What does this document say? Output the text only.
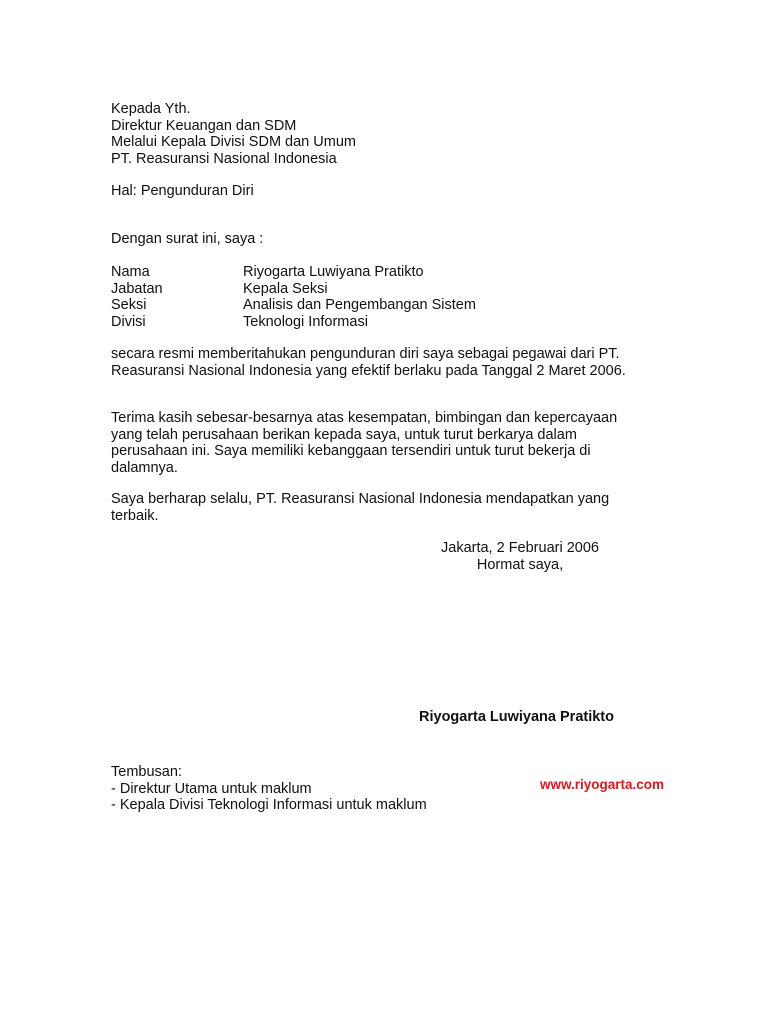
Kepada Yth.
Direktur Keuangan dan SDM
Melalui Kepala Divisi SDM dan Umum
PT. Reasuransi Nasional Indonesia
Hal: Pengunduran Diri
Dengan surat ini, saya :
Nama	Riyogarta Luwiyana Pratikto
Jabatan	Kepala Seksi
Seksi	Analisis dan Pengembangan Sistem
Divisi	Teknologi Informasi

secara resmi memberitahukan pengunduran diri saya sebagai pegawai dari PT. Reasuransi Nasional Indonesia yang efektif berlaku pada Tanggal 2 Maret 2006.

Terima kasih sebesar-besarnya atas kesempatan, bimbingan dan kepercayaan yang telah perusahaan berikan kepada saya, untuk turut berkarya dalam perusahaan ini. Saya memiliki kebanggaan tersendiri untuk turut bekerja di dalamnya.

Saya berharap selalu, PT. Reasuransi Nasional Indonesia mendapatkan yang terbaik.

Jakarta, 2 Februari 2006
Hormat saya,
Riyogarta Luwiyana Pratikto
Tembusan:
- Direktur Utama untuk maklum
- Kepala Divisi Teknologi Informasi untuk maklum
www.riyogarta.com
